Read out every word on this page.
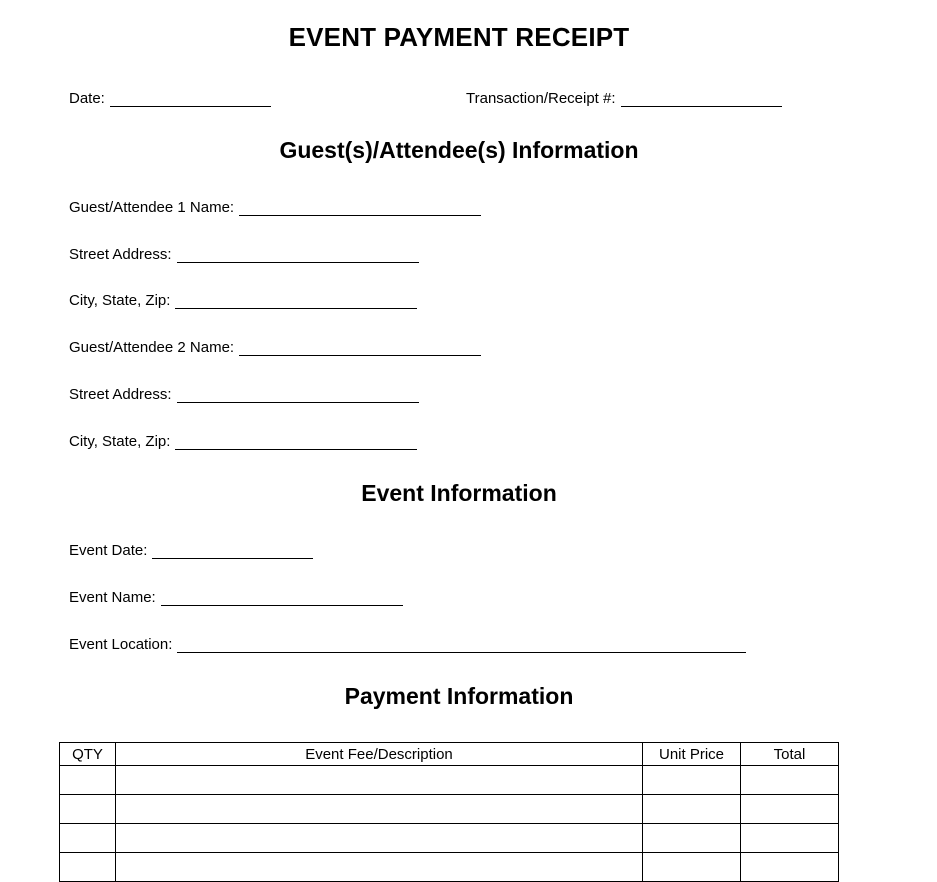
EVENT PAYMENT RECEIPT
Date:	Transaction/Receipt #:
Guest(s)/Attendee(s) Information
Guest/Attendee 1 Name:
Street Address:
City, State, Zip:
Guest/Attendee 2 Name:
Street Address:
City, State, Zip:
Event Information
Event Date:
Event Name:
Event Location:
Payment Information
QTY	Event Fee/Description	Unit Price	Total
